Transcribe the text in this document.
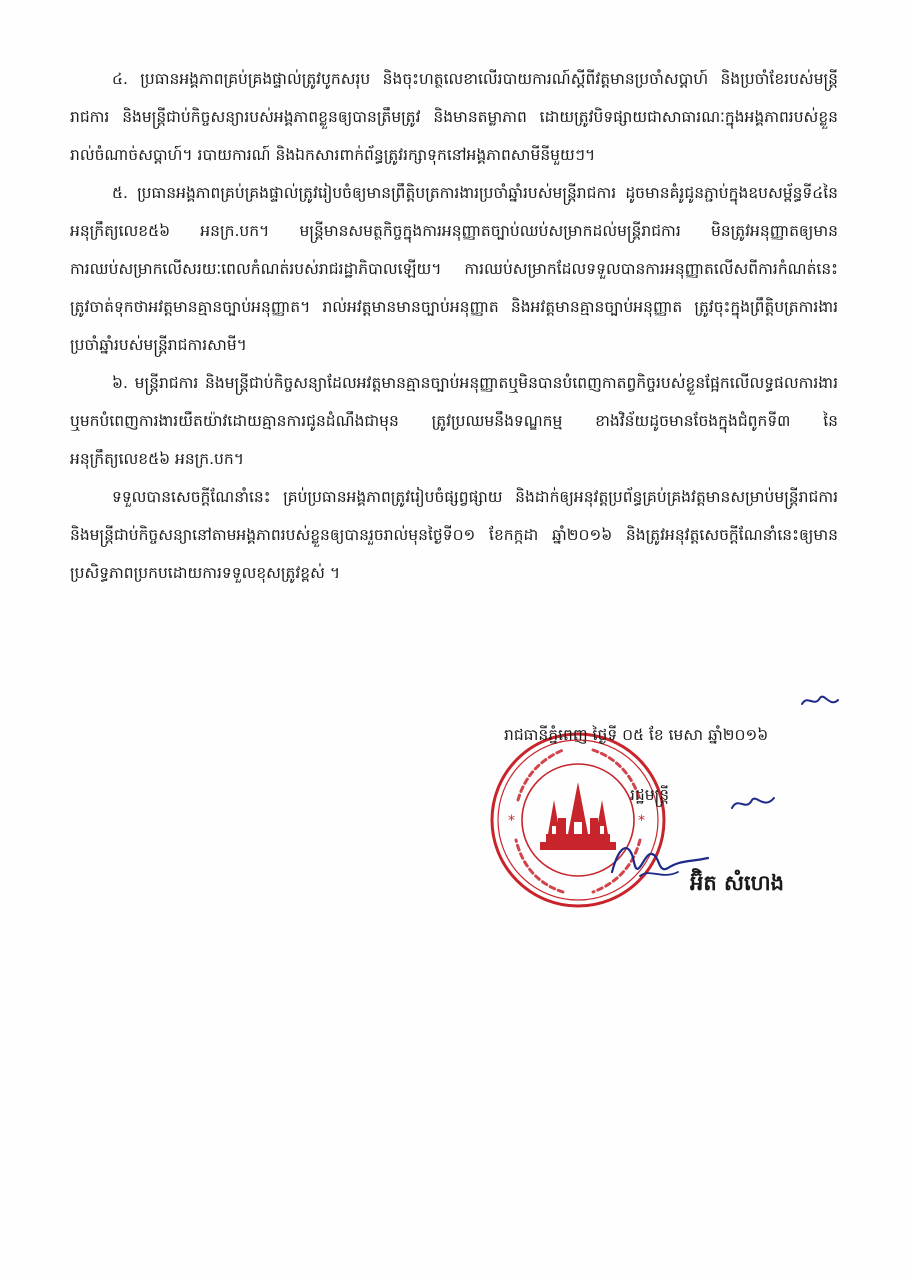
៤. ប្រធានអង្គភាពគ្រប់គ្រងផ្ទាល់ត្រូវបូកសរុប និងចុះហត្ថលេខាលើរបាយការណ៍ស្តីពីវត្តមានប្រចាំសប្តាហ៍ និងប្រចាំខែរបស់មន្រ្តីរាជការ និងមន្រ្តីជាប់កិច្ចសន្យារបស់អង្គភាពខ្លួនឲ្យបានត្រឹមត្រូវ និងមានតម្លាភាព ដោយត្រូវបិទផ្សាយជាសាធារណៈក្នុងអង្គភាពរបស់ខ្លួនរាល់ចំណាច់សប្តាហ៍។ របាយការណ៍ និងឯកសារពាក់ព័ន្ធត្រូវរក្សាទុកនៅអង្គភាពសាមីនីមួយៗ។

៥. ប្រធានអង្គភាពគ្រប់គ្រងផ្ទាល់ត្រូវរៀបចំឲ្យមានព្រឹត្តិបត្រការងារប្រចាំឆ្នាំរបស់មន្ត្រីរាជការ ដូចមានគំរូជូនភ្ជាប់ក្នុងឧបសម្ព័ន្ធទី៤នៃអនុក្រឹត្យលេខ៥៦ អនក្រ.បក។ មន្រ្តីមានសមត្ថកិច្ចក្នុងការអនុញ្ញាតច្បាប់ឈប់សម្រាកដល់មន្ត្រីរាជការ មិនត្រូវអនុញ្ញាតឲ្យមានការឈប់សម្រាកលើសរយៈពេលកំណត់របស់រាជរដ្ឋាភិបាលឡើយ។ ការឈប់សម្រាកដែលទទួលបានការអនុញ្ញាតលើសពីការកំណត់នេះ ត្រូវចាត់ទុកថាអវត្តមានគ្មានច្បាប់អនុញ្ញាត។ រាល់អវត្តមានមានច្បាប់អនុញ្ញាត និងអវត្តមានគ្មានច្បាប់អនុញ្ញាត ត្រូវចុះក្នុងព្រឹត្តិបត្រការងារប្រចាំឆ្នាំរបស់មន្រ្តីរាជការសាមី។

៦. មន្រ្តីរាជការ និងមន្ត្រីជាប់កិច្ចសន្យាដែលអវត្តមានគ្មានច្បាប់អនុញ្ញាតឬមិនបានបំពេញកាតព្វកិច្ចរបស់ខ្លួនផ្អែកលើលទ្ធផលការងារ ឬមកបំពេញការងារយឺតយ៉ាវដោយគ្មានការជូនដំណឹងជាមុន ត្រូវប្រឈមនឹងទណ្ឌកម្ម ខាងវិន័យដូចមានចែងក្នុងជំពូកទី៣ នៃអនុក្រឹត្យលេខ៥៦ អនក្រ.បក។

ទទួលបានសេចក្តីណែនាំនេះ គ្រប់ប្រធានអង្គភាពត្រូវរៀបចំផ្សព្វផ្សាយ និងដាក់ឲ្យអនុវត្តប្រព័ន្ធគ្រប់គ្រងវត្តមានសម្រាប់មន្ត្រីរាជការ និងមន្ត្រីជាប់កិច្ចសន្យានៅតាមអង្គភាពរបស់ខ្លួនឲ្យបានរួចរាល់មុនថ្ងៃទី០១ ខែកក្កដា ឆ្នាំ២០១៦ និងត្រូវអនុវត្តសេចក្តីណែនាំនេះឲ្យមានប្រសិទ្ធភាពប្រកបដោយការទទួលខុសត្រូវខ្ពស់ ។

*	*
រាជធានីភ្នំពេញ ថ្ងៃទី ០៥ ខែ មេសា ឆ្នាំ២០១៦
រដ្ឋមន្ត្រី
អ៊ិត សំហេង
